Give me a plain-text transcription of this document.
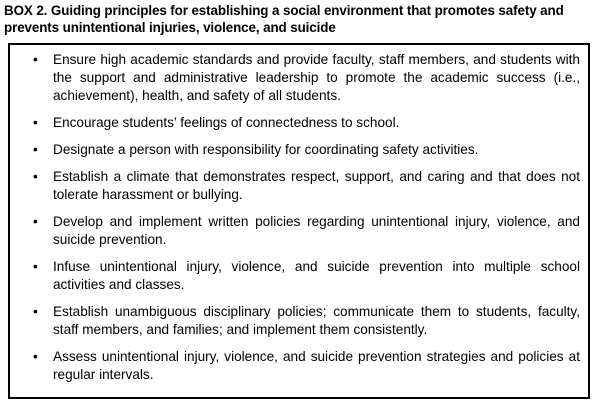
BOX 2. Guiding principles for establishing a social environment that promotes safety and prevents unintentional injuries, violence, and suicide
• Ensure high academic standards and provide faculty, staff members, and students with the support and administrative leadership to promote the academic success (i.e., achievement), health, and safety of all students.
• Encourage students’ feelings of connectedness to school.
• Designate a person with responsibility for coordinating safety activities.
• Establish a climate that demonstrates respect, support, and caring and that does not tolerate harassment or bullying.
• Develop and implement written policies regarding unintentional injury, violence, and suicide prevention.
• Infuse unintentional injury, violence, and suicide prevention into multiple school activities and classes.
• Establish unambiguous disciplinary policies; communicate them to students, faculty, staff members, and families; and implement them consistently.
• Assess unintentional injury, violence, and suicide prevention strategies and policies at regular intervals.
